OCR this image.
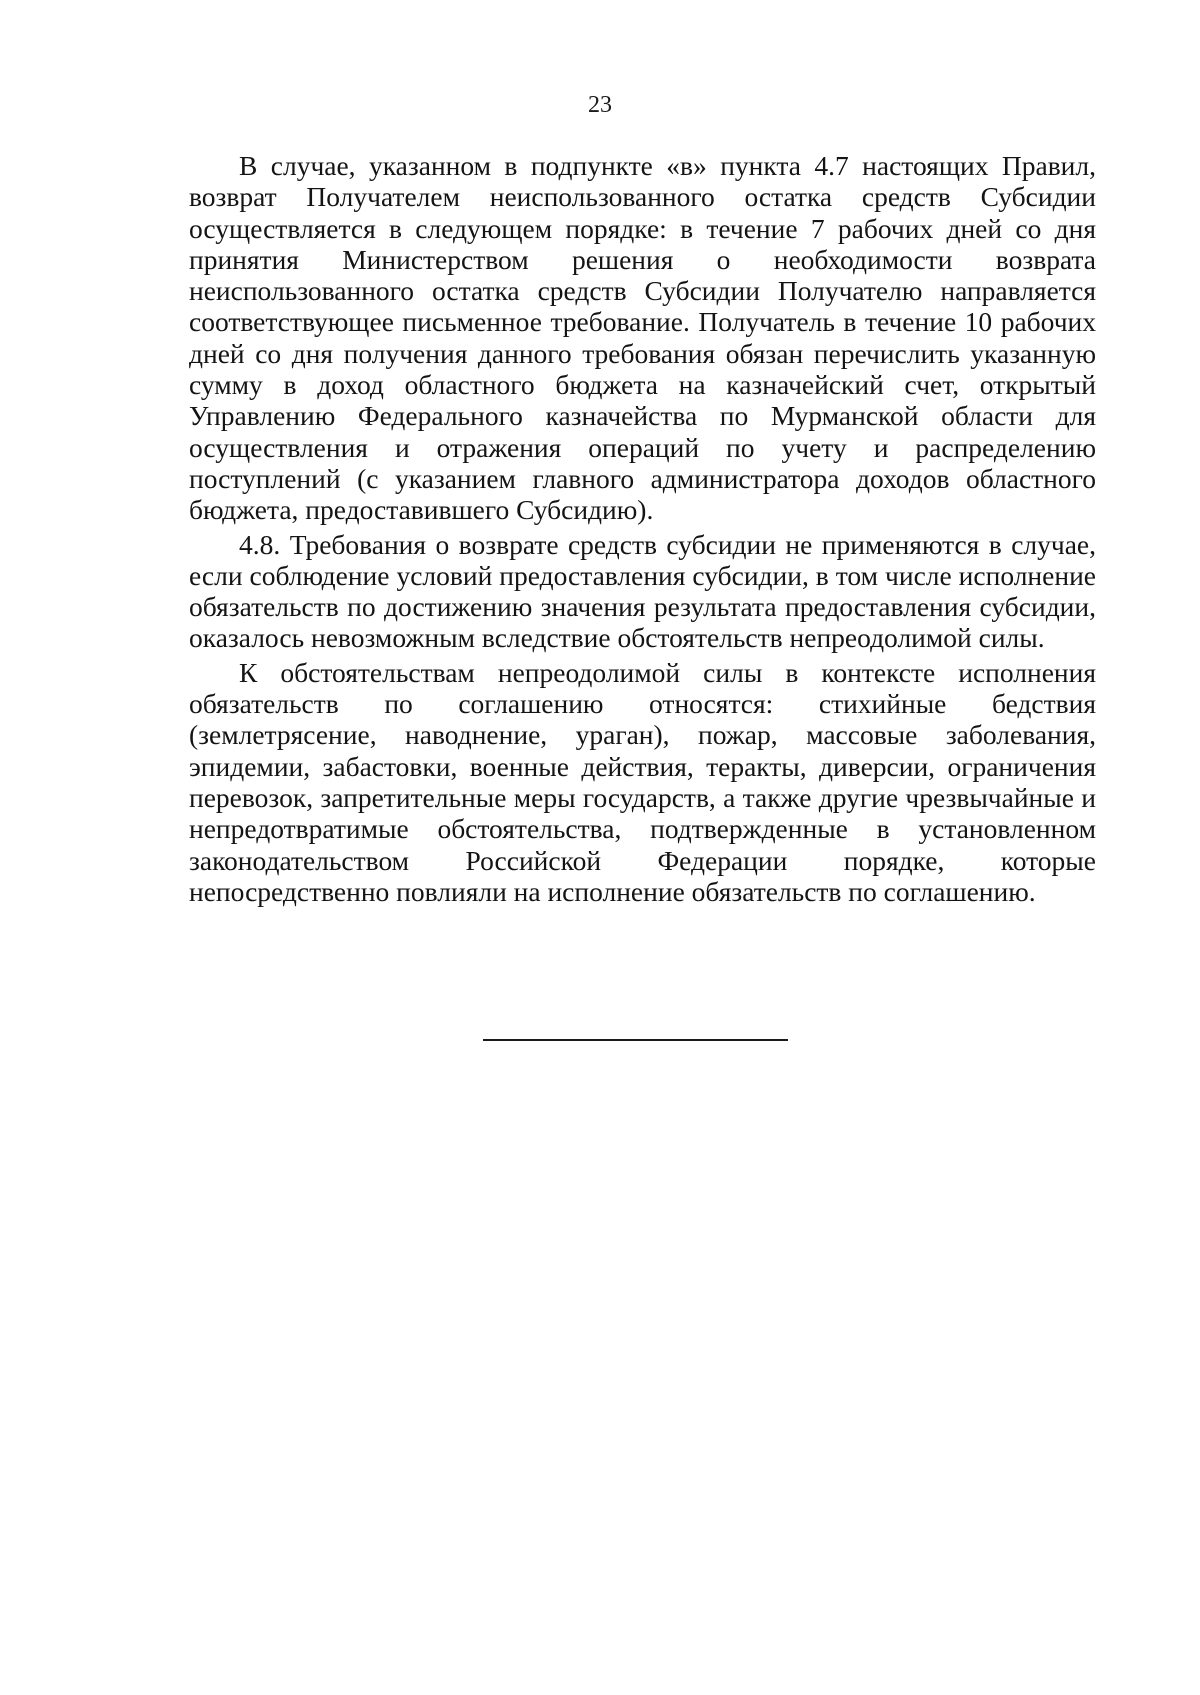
23

В случае, указанном в подпункте «в» пункта 4.7 настоящих Правил, возврат Получателем неиспользованного остатка средств Субсидии осуществляется в следующем порядке: в течение 7 рабочих дней со дня принятия Министерством решения о необходимости возврата неиспользованного остатка средств Субсидии Получателю направляется соответствующее письменное требование. Получатель в течение 10 рабочих дней со дня получения данного требования обязан перечислить указанную сумму в доход областного бюджета на казначейский счет, открытый Управлению Федерального казначейства по Мурманской области для осуществления и отражения операций по учету и распределению поступлений (с указанием главного администратора доходов областного бюджета, предоставившего Субсидию).

4.8. Требования о возврате средств субсидии не применяются в случае, если соблюдение условий предоставления субсидии, в том числе исполнение обязательств по достижению значения результата предоставления субсидии, оказалось невозможным вследствие обстоятельств непреодолимой силы.

К обстоятельствам непреодолимой силы в контексте исполнения обязательств по соглашению относятся: стихийные бедствия (землетрясение, наводнение, ураган), пожар, массовые заболевания, эпидемии, забастовки, военные действия, теракты, диверсии, ограничения перевозок, запретительные меры государств, а также другие чрезвычайные и непредотвратимые обстоятельства, подтвержденные в установленном законодательством Российской Федерации порядке, которые непосредственно повлияли на исполнение обязательств по соглашению.
